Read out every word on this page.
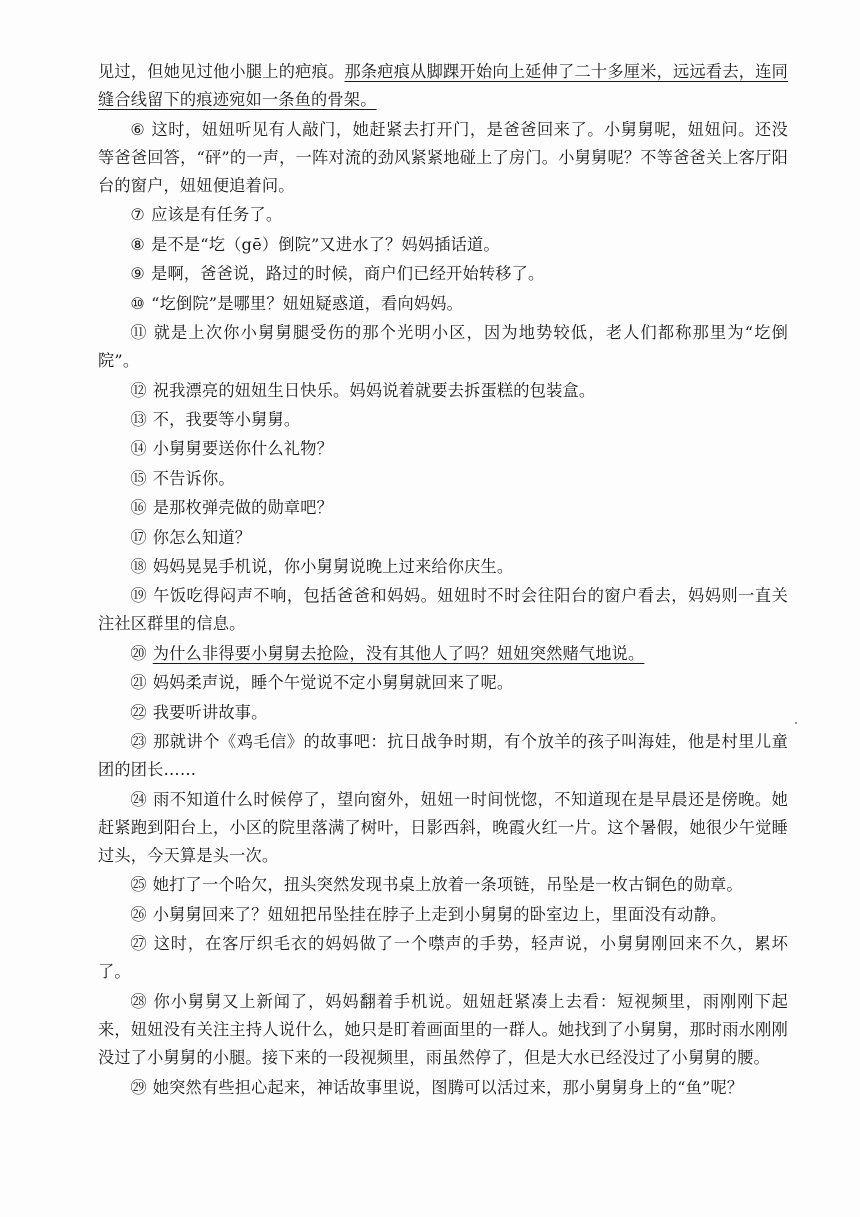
见过，但她见过他小腿上的疤痕。那条疤痕从脚踝开始向上延伸了二十多厘米，远远看去，连同缝合线留下的痕迹宛如一条鱼的骨架。

⑥ 这时，妞妞听见有人敲门，她赶紧去打开门，是爸爸回来了。小舅舅呢，妞妞问。还没等爸爸回答，“砰”的一声，一阵对流的劲风紧紧地碰上了房门。小舅舅呢？不等爸爸关上客厅阳台的窗户，妞妞便追着问。

⑦ 应该是有任务了。

⑧ 是不是“圪（gē）倒院”又进水了？妈妈插话道。

⑨ 是啊，爸爸说，路过的时候，商户们已经开始转移了。

⑩ “圪倒院”是哪里？妞妞疑惑道，看向妈妈。

⑪ 就是上次你小舅舅腿受伤的那个光明小区，因为地势较低，老人们都称那里为“圪倒院”。

⑫ 祝我漂亮的妞妞生日快乐。妈妈说着就要去拆蛋糕的包装盒。

⑬ 不，我要等小舅舅。

⑭ 小舅舅要送你什么礼物？

⑮ 不告诉你。

⑯ 是那枚弹壳做的勋章吧？

⑰ 你怎么知道？

⑱ 妈妈晃晃手机说，你小舅舅说晚上过来给你庆生。

⑲ 午饭吃得闷声不响，包括爸爸和妈妈。妞妞时不时会往阳台的窗户看去，妈妈则一直关注社区群里的信息。

⑳ 为什么非得要小舅舅去抢险，没有其他人了吗？妞妞突然赌气地说。

㉑ 妈妈柔声说，睡个午觉说不定小舅舅就回来了呢。

㉒ 我要听讲故事。

㉓ 那就讲个《鸡毛信》的故事吧：抗日战争时期，有个放羊的孩子叫海娃，他是村里儿童团的团长……

㉔ 雨不知道什么时候停了，望向窗外，妞妞一时间恍惚，不知道现在是早晨还是傍晚。她赶紧跑到阳台上，小区的院里落满了树叶，日影西斜，晚霞火红一片。这个暑假，她很少午觉睡过头，今天算是头一次。

㉕ 她打了一个哈欠，扭头突然发现书桌上放着一条项链，吊坠是一枚古铜色的勋章。

㉖ 小舅舅回来了？妞妞把吊坠挂在脖子上走到小舅舅的卧室边上，里面没有动静。

㉗ 这时，在客厅织毛衣的妈妈做了一个噤声的手势，轻声说，小舅舅刚回来不久，累坏了。

㉘ 你小舅舅又上新闻了，妈妈翻着手机说。妞妞赶紧凑上去看：短视频里，雨刚刚下起来，妞妞没有关注主持人说什么，她只是盯着画面里的一群人。她找到了小舅舅，那时雨水刚刚没过了小舅舅的小腿。接下来的一段视频里，雨虽然停了，但是大水已经没过了小舅舅的腰。

㉙ 她突然有些担心起来，神话故事里说，图腾可以活过来，那小舅舅身上的“鱼”呢？
